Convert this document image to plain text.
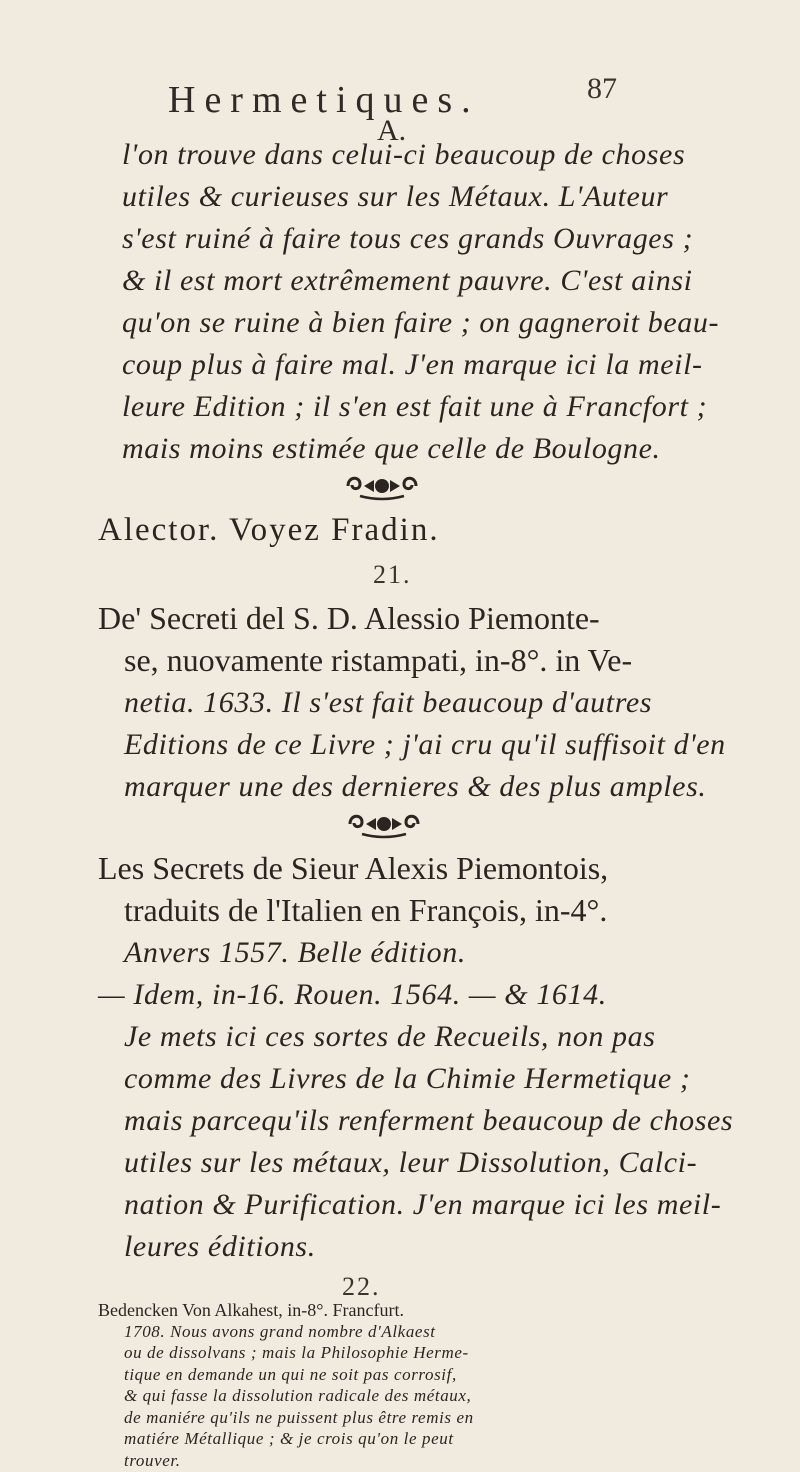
Hermetiques.	87
A.
l'on trouve dans celui-ci beaucoup de choses
utiles & curieuses sur les Métaux. L'Auteur
s'est ruiné à faire tous ces grands Ouvrages ;
& il est mort extrêmement pauvre. C'est ainsi
qu'on se ruine à bien faire ; on gagneroit beau-
coup plus à faire mal. J'en marque ici la meil-
leure Edition ; il s'en est fait une à Francfort ;
mais moins estimée que celle de Boulogne.
Alector. Voyez Fradin.
21.
De' Secreti del S. D. Alessio Piemonte-
se, nuovamente ristampati, in-8°. in Ve-
netia. 1633. Il s'est fait beaucoup d'autres
Editions de ce Livre ; j'ai cru qu'il suffisoit d'en
marquer une des dernieres & des plus amples.
Les Secrets de Sieur Alexis Piemontois,
traduits de l'Italien en François, in-4°.
Anvers 1557. Belle édition.
— Idem, in-16. Rouen. 1564. — & 1614.
Je mets ici ces sortes de Recueils, non pas
comme des Livres de la Chimie Hermetique ;
mais parcequ'ils renferment beaucoup de choses
utiles sur les métaux, leur Dissolution, Calci-
nation & Purification. J'en marque ici les meil-
leures éditions.
22.
Bedencken Von Alkahest, in-8°. Francfurt.
1708. Nous avons grand nombre d'Alkaest
ou de dissolvans ; mais la Philosophie Herme-
tique en demande un qui ne soit pas corrosif,
& qui fasse la dissolution radicale des métaux,
de maniére qu'ils ne puissent plus être remis en
matiére Métallique ; & je crois qu'on le peut
trouver.
